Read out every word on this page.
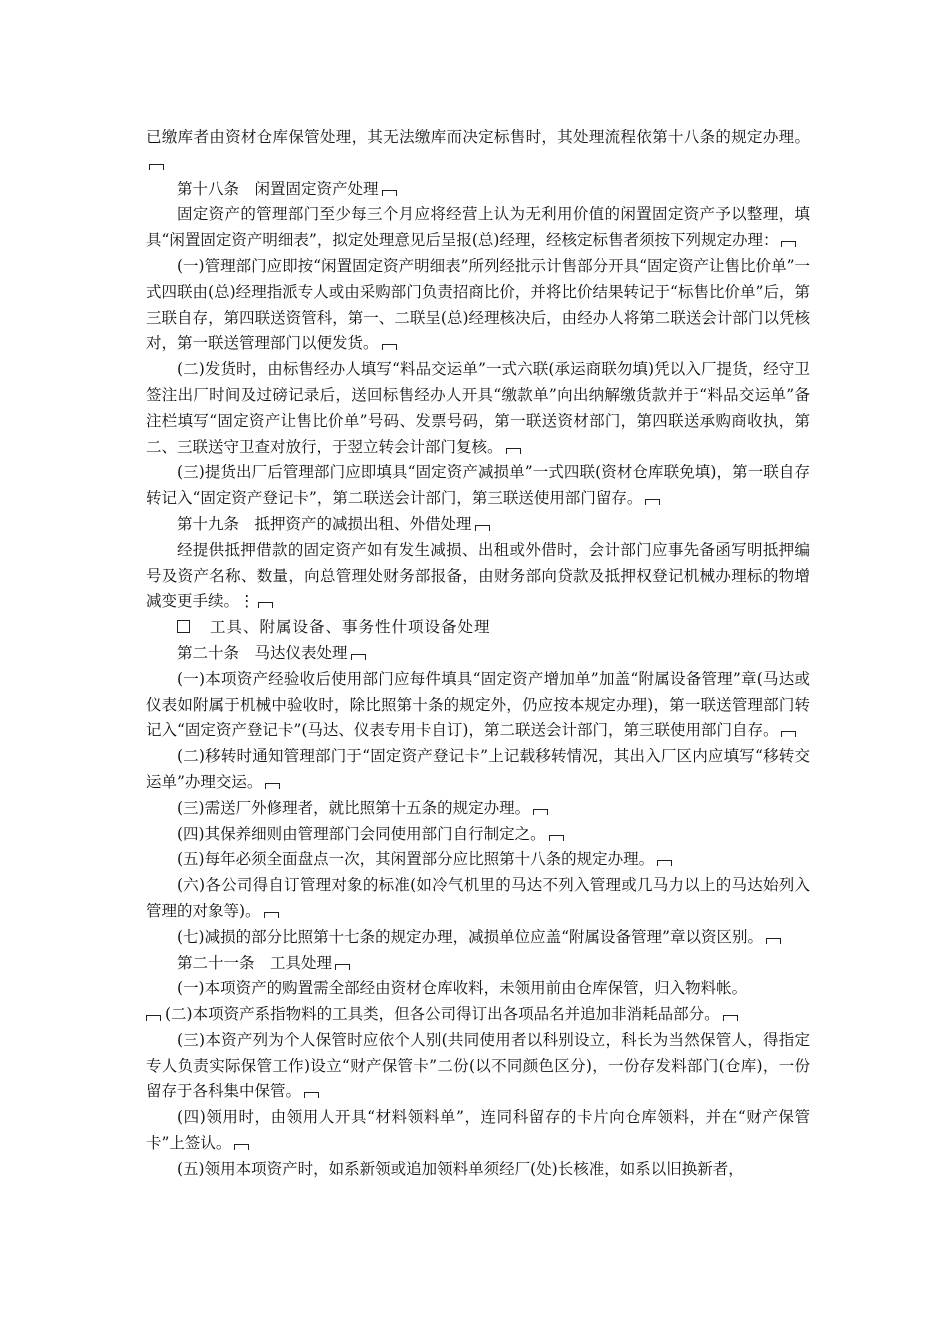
已缴库者由资材仓库保管处理，其无法缴库而决定标售时，其处理流程依第十八条的规定办理。

第十八条　闲置固定资产处理

固定资产的管理部门至少每三个月应将经营上认为无利用价值的闲置固定资产予以整理，填具“闲置固定资产明细表”，拟定处理意见后呈报(总)经理，经核定标售者须按下列规定办理：

(一)管理部门应即按“闲置固定资产明细表”所列经批示计售部分开具“固定资产让售比价单”一式四联由(总)经理指派专人或由采购部门负责招商比价，并将比价结果转记于“标售比价单”后，第三联自存，第四联送资管科，第一、二联呈(总)经理核决后，由经办人将第二联送会计部门以凭核对，第一联送管理部门以便发货。

(二)发货时，由标售经办人填写“料品交运单”一式六联(承运商联勿填)凭以入厂提货，经守卫签注出厂时间及过磅记录后，送回标售经办人开具“缴款单”向出纳解缴货款并于“料品交运单”备注栏填写“固定资产让售比价单”号码、发票号码，第一联送资材部门，第四联送承购商收执，第二、三联送守卫查对放行，于翌立转会计部门复核。

(三)提货出厂后管理部门应即填具“固定资产减损单”一式四联(资材仓库联免填)，第一联自存转记入“固定资产登记卡”，第二联送会计部门，第三联送使用部门留存。

第十九条　抵押资产的减损出租、外借处理

经提供抵押借款的固定资产如有发生减损、出租或外借时，会计部门应事先备函写明抵押编号及资产名称、数量，向总管理处财务部报备，由财务部向贷款及抵押权登记机械办理标的物增减变更手续。⋮

工具、附属设备、事务性什项设备处理

第二十条　马达仪表处理

(一)本项资产经验收后使用部门应每件填具“固定资产增加单”加盖“附属设备管理”章(马达或仪表如附属于机械中验收时，除比照第十条的规定外，仍应按本规定办理)，第一联送管理部门转记入“固定资产登记卡”(马达、仪表专用卡自订)，第二联送会计部门，第三联使用部门自存。

(二)移转时通知管理部门于“固定资产登记卡”上记载移转情况，其出入厂区内应填写“移转交运单”办理交运。

(三)需送厂外修理者，就比照第十五条的规定办理。

(四)其保养细则由管理部门会同使用部门自行制定之。

(五)每年必须全面盘点一次，其闲置部分应比照第十八条的规定办理。

(六)各公司得自订管理对象的标准(如冷气机里的马达不列入管理或几马力以上的马达始列入管理的对象等)。

(七)减损的部分比照第十七条的规定办理，减损单位应盖“附属设备管理”章以资区别。

第二十一条　工具处理

(一)本项资产的购置需全部经由资材仓库收料，未领用前由仓库保管，归入物料帐。

(二)本项资产系指物料的工具类，但各公司得订出各项品名并追加非消耗品部分。

(三)本资产列为个人保管时应依个人别(共同使用者以科别设立，科长为当然保管人，得指定专人负责实际保管工作)设立“财产保管卡”二份(以不同颜色区分)，一份存发料部门(仓库)，一份留存于各科集中保管。

(四)领用时，由领用人开具“材料领料单”，连同科留存的卡片向仓库领料，并在“财产保管卡”上签认。

(五)领用本项资产时，如系新领或追加领料单须经厂(处)长核准，如系以旧换新者，
